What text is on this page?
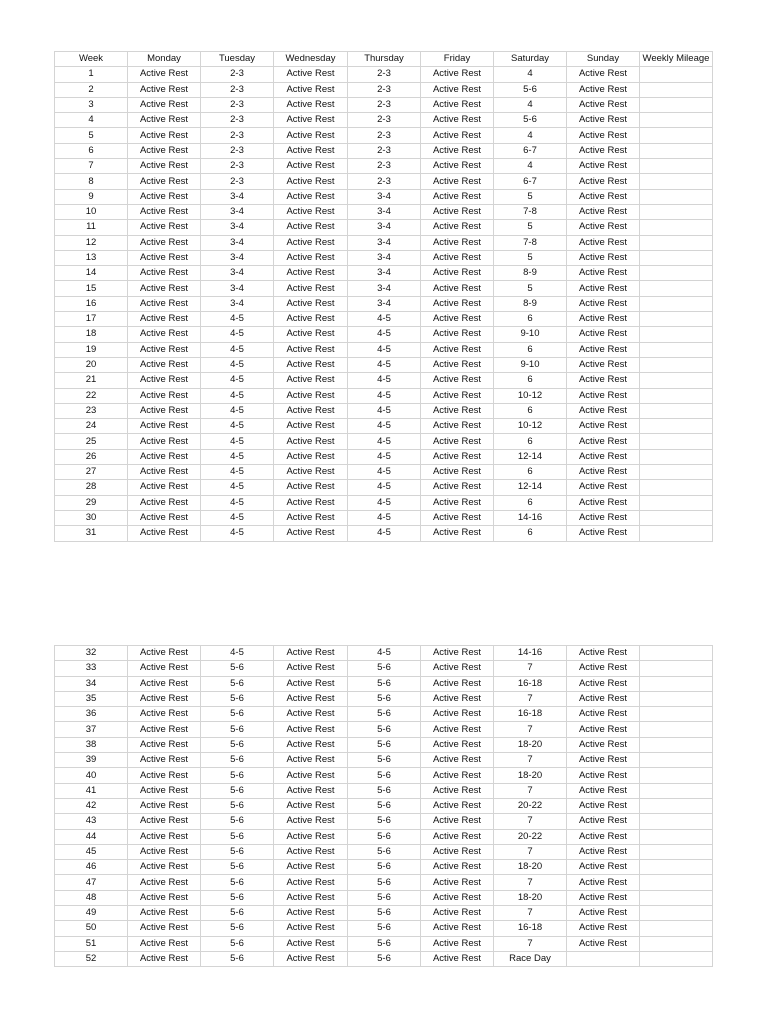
Week	Monday	Tuesday	Wednesday	Thursday	Friday	Saturday	Sunday	Weekly Mileage
1	Active Rest	2-3	Active Rest	2-3	Active Rest	4	Active Rest	
2	Active Rest	2-3	Active Rest	2-3	Active Rest	5-6	Active Rest	
3	Active Rest	2-3	Active Rest	2-3	Active Rest	4	Active Rest	
4	Active Rest	2-3	Active Rest	2-3	Active Rest	5-6	Active Rest	
5	Active Rest	2-3	Active Rest	2-3	Active Rest	4	Active Rest	
6	Active Rest	2-3	Active Rest	2-3	Active Rest	6-7	Active Rest	
7	Active Rest	2-3	Active Rest	2-3	Active Rest	4	Active Rest	
8	Active Rest	2-3	Active Rest	2-3	Active Rest	6-7	Active Rest	
9	Active Rest	3-4	Active Rest	3-4	Active Rest	5	Active Rest	
10	Active Rest	3-4	Active Rest	3-4	Active Rest	7-8	Active Rest	
11	Active Rest	3-4	Active Rest	3-4	Active Rest	5	Active Rest	
12	Active Rest	3-4	Active Rest	3-4	Active Rest	7-8	Active Rest	
13	Active Rest	3-4	Active Rest	3-4	Active Rest	5	Active Rest	
14	Active Rest	3-4	Active Rest	3-4	Active Rest	8-9	Active Rest	
15	Active Rest	3-4	Active Rest	3-4	Active Rest	5	Active Rest	
16	Active Rest	3-4	Active Rest	3-4	Active Rest	8-9	Active Rest	
17	Active Rest	4-5	Active Rest	4-5	Active Rest	6	Active Rest	
18	Active Rest	4-5	Active Rest	4-5	Active Rest	9-10	Active Rest	
19	Active Rest	4-5	Active Rest	4-5	Active Rest	6	Active Rest	
20	Active Rest	4-5	Active Rest	4-5	Active Rest	9-10	Active Rest	
21	Active Rest	4-5	Active Rest	4-5	Active Rest	6	Active Rest	
22	Active Rest	4-5	Active Rest	4-5	Active Rest	10-12	Active Rest	
23	Active Rest	4-5	Active Rest	4-5	Active Rest	6	Active Rest	
24	Active Rest	4-5	Active Rest	4-5	Active Rest	10-12	Active Rest	
25	Active Rest	4-5	Active Rest	4-5	Active Rest	6	Active Rest	
26	Active Rest	4-5	Active Rest	4-5	Active Rest	12-14	Active Rest	
27	Active Rest	4-5	Active Rest	4-5	Active Rest	6	Active Rest	
28	Active Rest	4-5	Active Rest	4-5	Active Rest	12-14	Active Rest	
29	Active Rest	4-5	Active Rest	4-5	Active Rest	6	Active Rest	
30	Active Rest	4-5	Active Rest	4-5	Active Rest	14-16	Active Rest	
31	Active Rest	4-5	Active Rest	4-5	Active Rest	6	Active Rest	
32	Active Rest	4-5	Active Rest	4-5	Active Rest	14-16	Active Rest	
33	Active Rest	5-6	Active Rest	5-6	Active Rest	7	Active Rest	
34	Active Rest	5-6	Active Rest	5-6	Active Rest	16-18	Active Rest	
35	Active Rest	5-6	Active Rest	5-6	Active Rest	7	Active Rest	
36	Active Rest	5-6	Active Rest	5-6	Active Rest	16-18	Active Rest	
37	Active Rest	5-6	Active Rest	5-6	Active Rest	7	Active Rest	
38	Active Rest	5-6	Active Rest	5-6	Active Rest	18-20	Active Rest	
39	Active Rest	5-6	Active Rest	5-6	Active Rest	7	Active Rest	
40	Active Rest	5-6	Active Rest	5-6	Active Rest	18-20	Active Rest	
41	Active Rest	5-6	Active Rest	5-6	Active Rest	7	Active Rest	
42	Active Rest	5-6	Active Rest	5-6	Active Rest	20-22	Active Rest	
43	Active Rest	5-6	Active Rest	5-6	Active Rest	7	Active Rest	
44	Active Rest	5-6	Active Rest	5-6	Active Rest	20-22	Active Rest	
45	Active Rest	5-6	Active Rest	5-6	Active Rest	7	Active Rest	
46	Active Rest	5-6	Active Rest	5-6	Active Rest	18-20	Active Rest	
47	Active Rest	5-6	Active Rest	5-6	Active Rest	7	Active Rest	
48	Active Rest	5-6	Active Rest	5-6	Active Rest	18-20	Active Rest	
49	Active Rest	5-6	Active Rest	5-6	Active Rest	7	Active Rest	
50	Active Rest	5-6	Active Rest	5-6	Active Rest	16-18	Active Rest	
51	Active Rest	5-6	Active Rest	5-6	Active Rest	7	Active Rest	
52	Active Rest	5-6	Active Rest	5-6	Active Rest	Race Day		
